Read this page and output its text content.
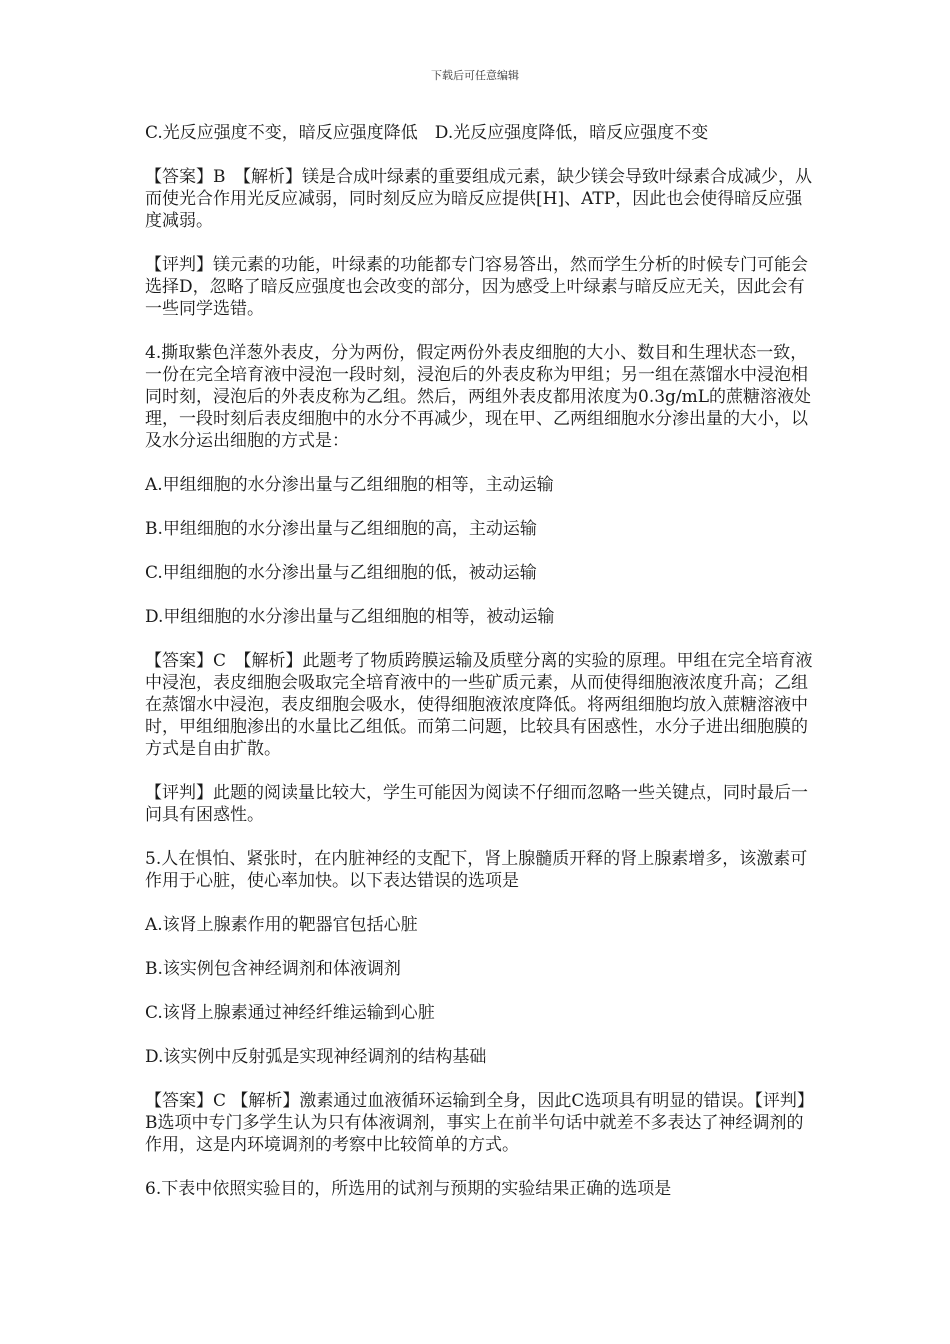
下载后可任意编辑

C.光反应强度不变，暗反应强度降低　D.光反应强度降低，暗反应强度不变

【答案】B　【解析】镁是合成叶绿素的重要组成元素，缺少镁会导致叶绿素合成减少，从而使光合作用光反应减弱，同时刻反应为暗反应提供[H]、ATP，因此也会使得暗反应强度减弱。

【评判】镁元素的功能，叶绿素的功能都专门容易答出，然而学生分析的时候专门可能会选择D，忽略了暗反应强度也会改变的部分，因为感受上叶绿素与暗反应无关，因此会有一些同学选错。

4.撕取紫色洋葱外表皮，分为两份，假定两份外表皮细胞的大小、数目和生理状态一致，一份在完全培育液中浸泡一段时刻，浸泡后的外表皮称为甲组；另一组在蒸馏水中浸泡相同时刻，浸泡后的外表皮称为乙组。然后，两组外表皮都用浓度为0.3g/mL的蔗糖溶液处理，一段时刻后表皮细胞中的水分不再减少，现在甲、乙两组细胞水分渗出量的大小，以及水分运出细胞的方式是：

A.甲组细胞的水分渗出量与乙组细胞的相等，主动运输

B.甲组细胞的水分渗出量与乙组细胞的高，主动运输

C.甲组细胞的水分渗出量与乙组细胞的低，被动运输

D.甲组细胞的水分渗出量与乙组细胞的相等，被动运输

【答案】C　【解析】此题考了物质跨膜运输及质壁分离的实验的原理。甲组在完全培育液中浸泡，表皮细胞会吸取完全培育液中的一些矿质元素，从而使得细胞液浓度升高；乙组在蒸馏水中浸泡，表皮细胞会吸水，使得细胞液浓度降低。将两组细胞均放入蔗糖溶液中时，甲组细胞渗出的水量比乙组低。而第二问题，比较具有困惑性，水分子进出细胞膜的方式是自由扩散。

【评判】此题的阅读量比较大，学生可能因为阅读不仔细而忽略一些关键点，同时最后一问具有困惑性。

5.人在惧怕、紧张时，在内脏神经的支配下，肾上腺髓质开释的肾上腺素增多，该激素可作用于心脏，使心率加快。以下表达错误的选项是

A.该肾上腺素作用的靶器官包括心脏

B.该实例包含神经调剂和体液调剂

C.该肾上腺素通过神经纤维运输到心脏

D.该实例中反射弧是实现神经调剂的结构基础

【答案】C 【解析】激素通过血液循环运输到全身，因此C选项具有明显的错误。【评判】B选项中专门多学生认为只有体液调剂，事实上在前半句话中就差不多表达了神经调剂的作用，这是内环境调剂的考察中比较简单的方式。

6.下表中依照实验目的，所选用的试剂与预期的实验结果正确的选项是
